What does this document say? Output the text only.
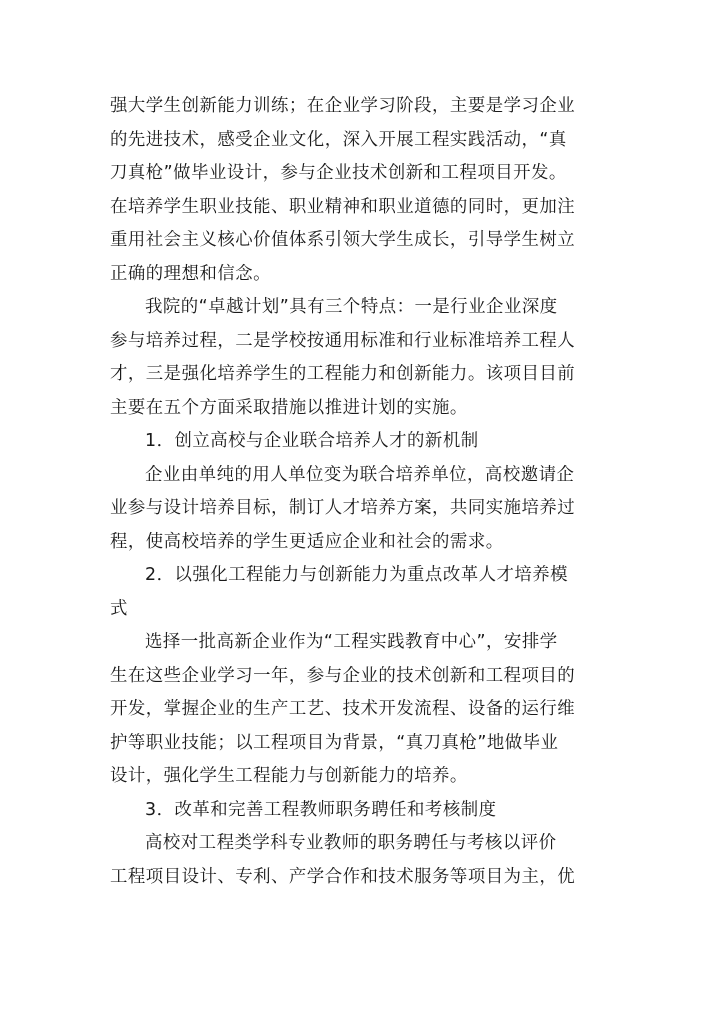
强大学生创新能力训练；在企业学习阶段，主要是学习企业
的先进技术，感受企业文化，深入开展工程实践活动，“真
刀真枪”做毕业设计，参与企业技术创新和工程项目开发。
在培养学生职业技能、职业精神和职业道德的同时，更加注
重用社会主义核心价值体系引领大学生成长，引导学生树立
正确的理想和信念。
我院的“卓越计划”具有三个特点：一是行业企业深度
参与培养过程，二是学校按通用标准和行业标准培养工程人
才，三是强化培养学生的工程能力和创新能力。该项目目前
主要在五个方面采取措施以推进计划的实施。
1．创立高校与企业联合培养人才的新机制
企业由单纯的用人单位变为联合培养单位，高校邀请企
业参与设计培养目标，制订人才培养方案，共同实施培养过
程，使高校培养的学生更适应企业和社会的需求。
2．以强化工程能力与创新能力为重点改革人才培养模
式
选择一批高新企业作为“工程实践教育中心”，安排学
生在这些企业学习一年，参与企业的技术创新和工程项目的
开发，掌握企业的生产工艺、技术开发流程、设备的运行维
护等职业技能；以工程项目为背景，“真刀真枪”地做毕业
设计，强化学生工程能力与创新能力的培养。
3．改革和完善工程教师职务聘任和考核制度
高校对工程类学科专业教师的职务聘任与考核以评价
工程项目设计、专利、产学合作和技术服务等项目为主，优
